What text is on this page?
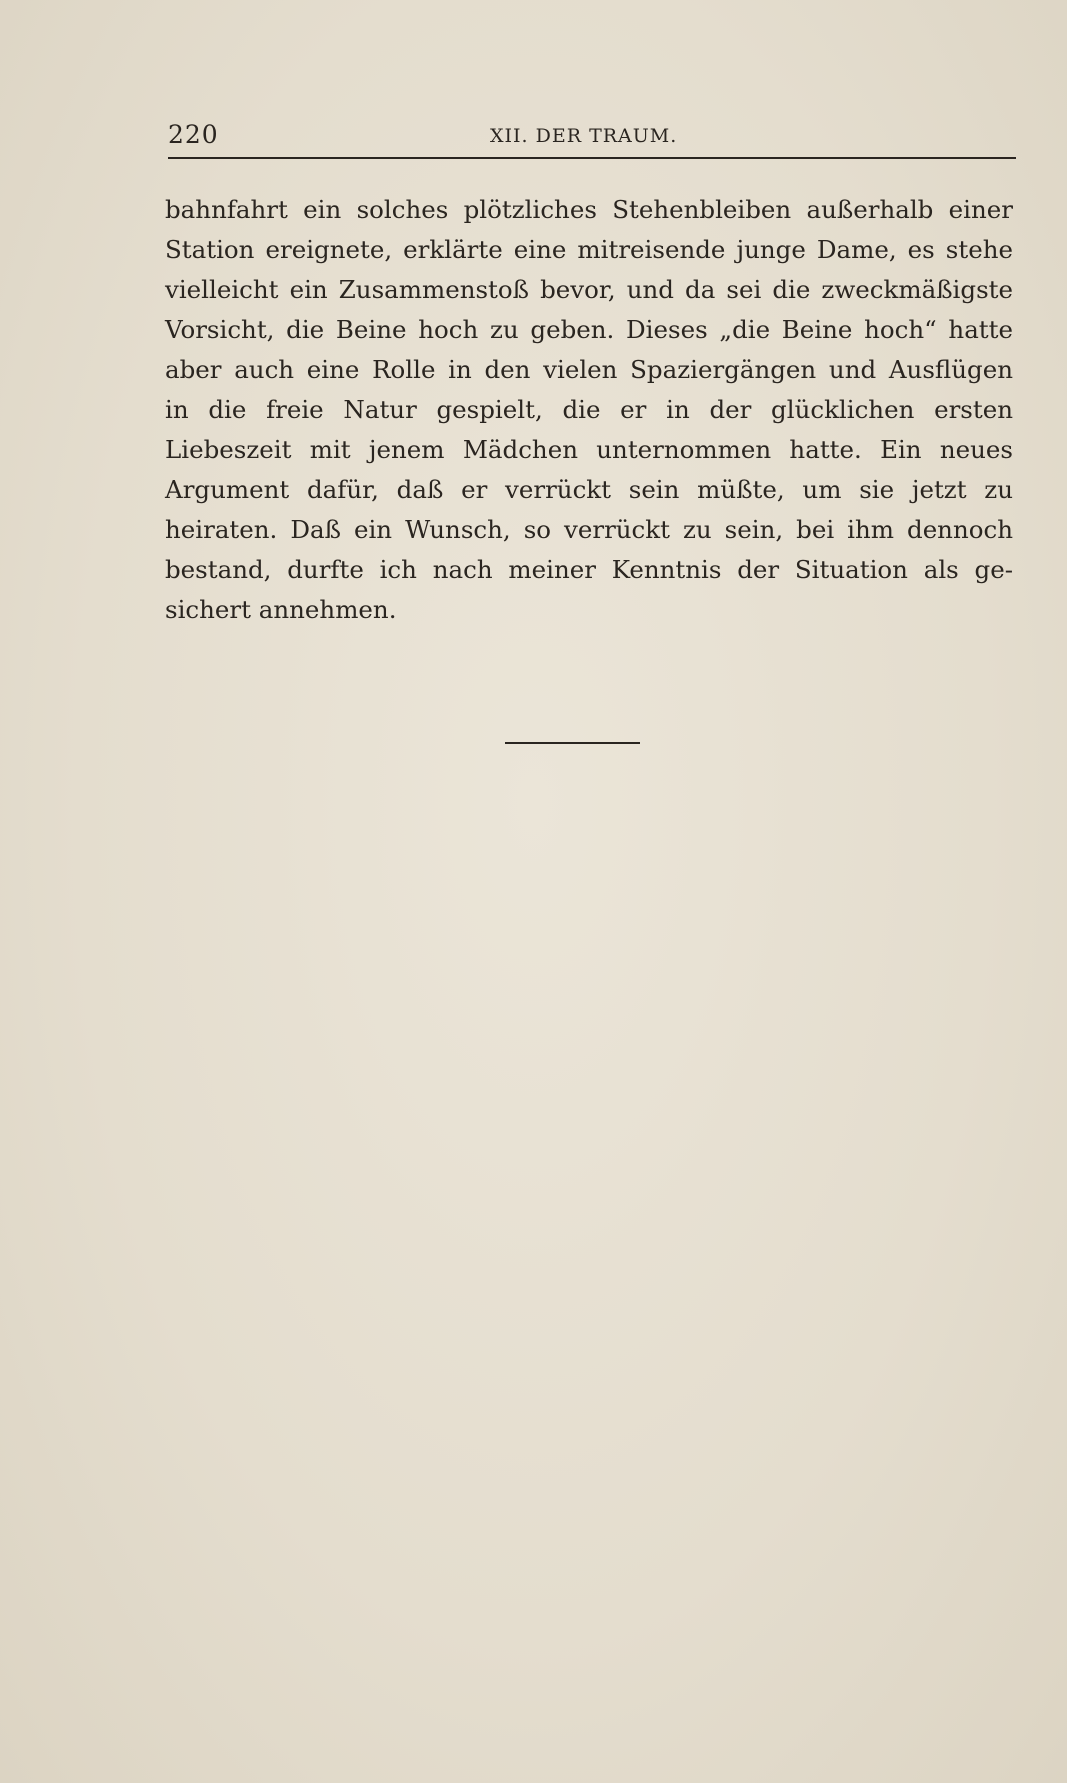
220	XII. DER TRAUM.
bahnfahrt ein solches plötzliches Stehenbleiben außerhalb einer
Station ereignete, erklärte eine mitreisende junge Dame, es stehe
vielleicht ein Zusammenstoß bevor, und da sei die zweckmäßigste
Vorsicht, die Beine hoch zu geben. Dieses „die Beine hoch“ hatte
aber auch eine Rolle in den vielen Spaziergängen und Ausflügen
in die freie Natur gespielt, die er in der glücklichen ersten
Liebeszeit mit jenem Mädchen unternommen hatte. Ein neues
Argument dafür, daß er verrückt sein müßte, um sie jetzt zu
heiraten. Daß ein Wunsch, so verrückt zu sein, bei ihm dennoch
bestand, durfte ich nach meiner Kenntnis der Situation als ge-
sichert annehmen.
